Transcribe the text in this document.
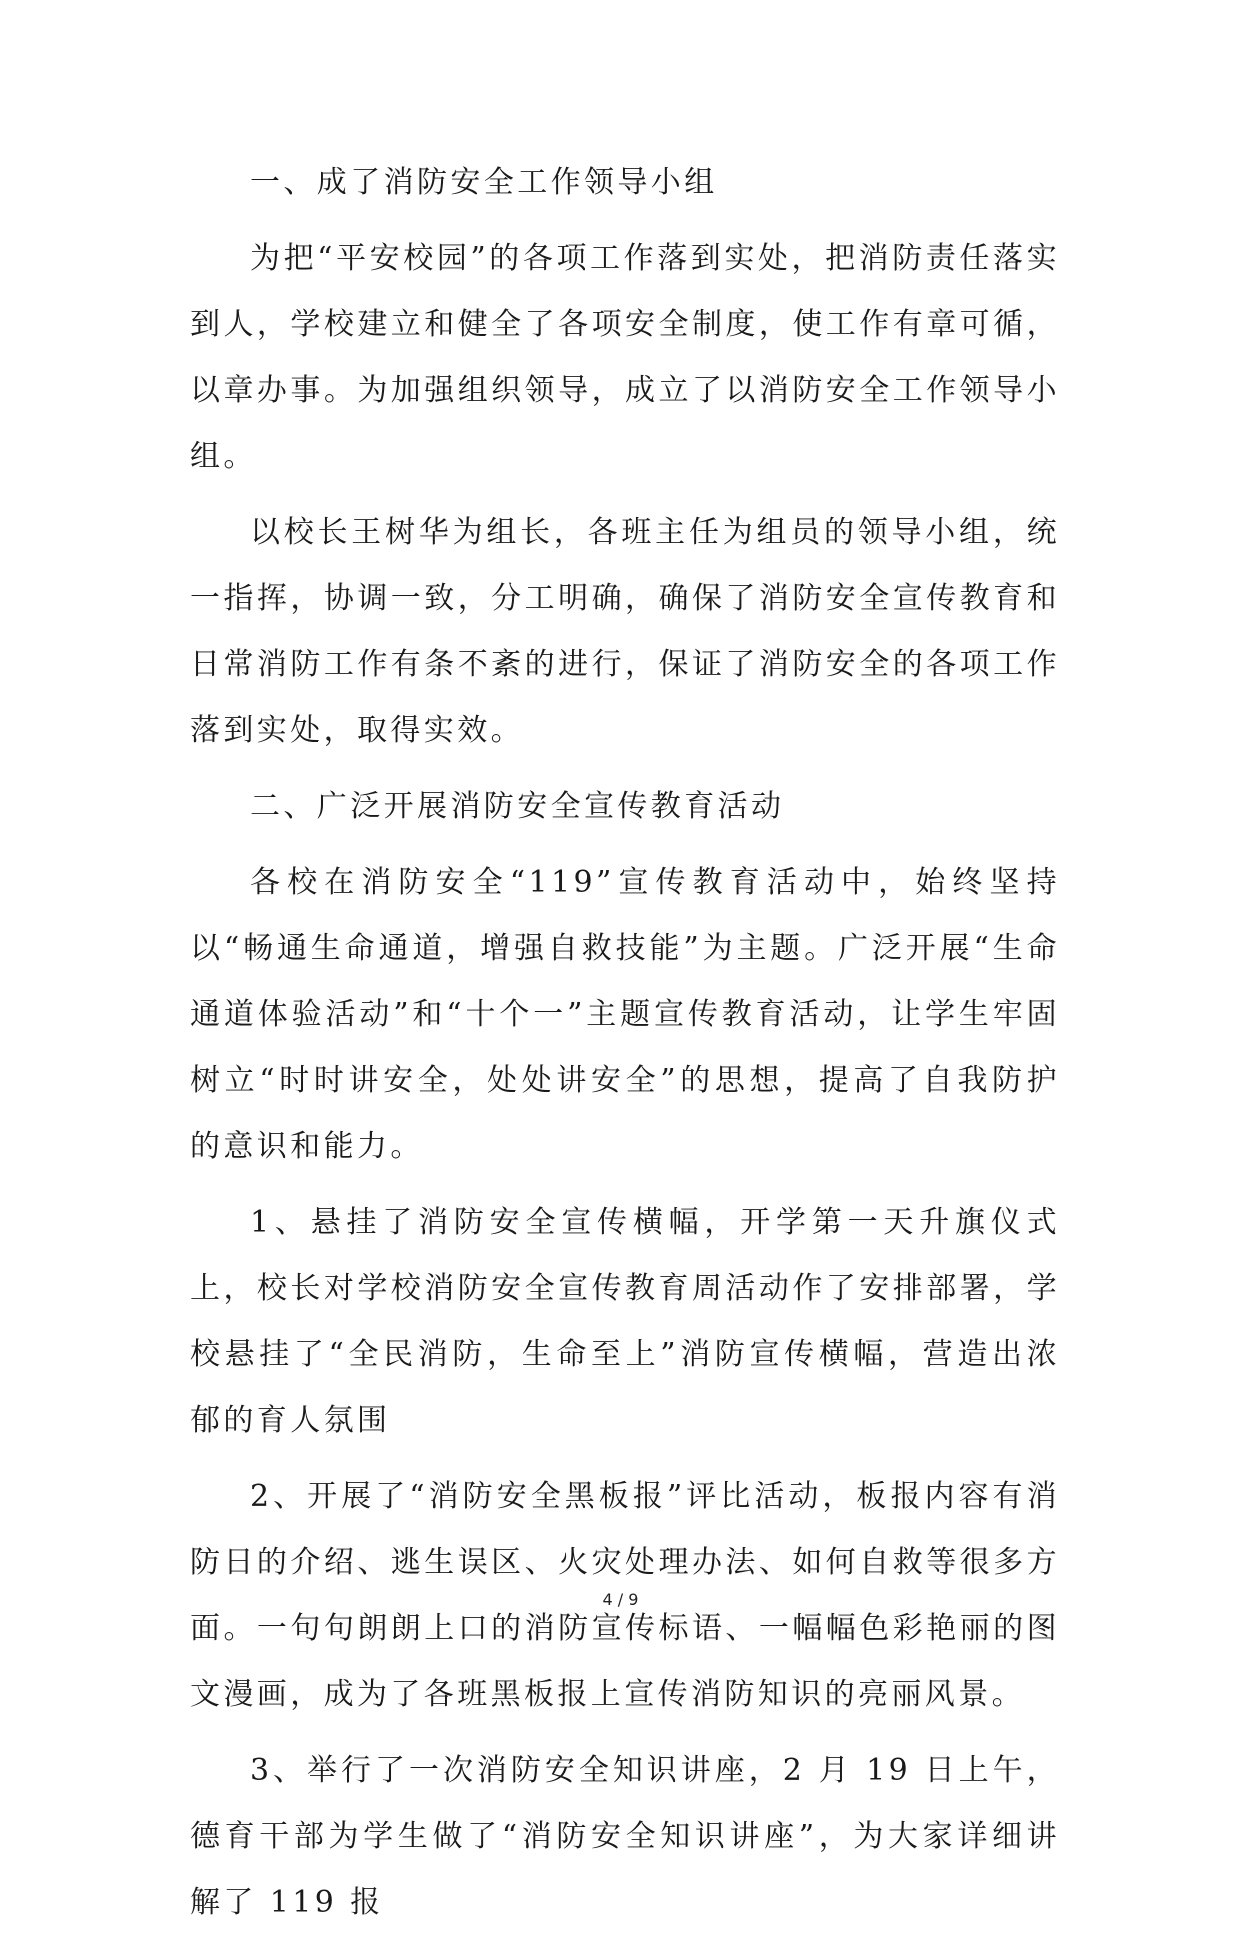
一、成了消防安全工作领导小组

为把“平安校园”的各项工作落到实处，把消防责任落实到人，学校建立和健全了各项安全制度，使工作有章可循，以章办事。为加强组织领导，成立了以消防安全工作领导小组。

以校长王树华为组长，各班主任为组员的领导小组，统一指挥，协调一致，分工明确，确保了消防安全宣传教育和日常消防工作有条不紊的进行，保证了消防安全的各项工作落到实处，取得实效。

二、广泛开展消防安全宣传教育活动

各校在消防安全“119”宣传教育活动中，始终坚持以“畅通生命通道，增强自救技能”为主题。广泛开展“生命通道体验活动”和“十个一”主题宣传教育活动，让学生牢固树立“时时讲安全，处处讲安全”的思想，提高了自我防护的意识和能力。

1、悬挂了消防安全宣传横幅，开学第一天升旗仪式上，校长对学校消防安全宣传教育周活动作了安排部署，学校悬挂了“全民消防，生命至上”消防宣传横幅，营造出浓郁的育人氛围

2、开展了“消防安全黑板报”评比活动，板报内容有消防日的介绍、逃生误区、火灾处理办法、如何自救等很多方面。一句句朗朗上口的消防宣传标语、一幅幅色彩艳丽的图文漫画，成为了各班黑板报上宣传消防知识的亮丽风景。

3、举行了一次消防安全知识讲座，2 月 19 日上午，德育干部为学生做了“消防安全知识讲座”，为大家详细讲解了 119 报

4 / 9
